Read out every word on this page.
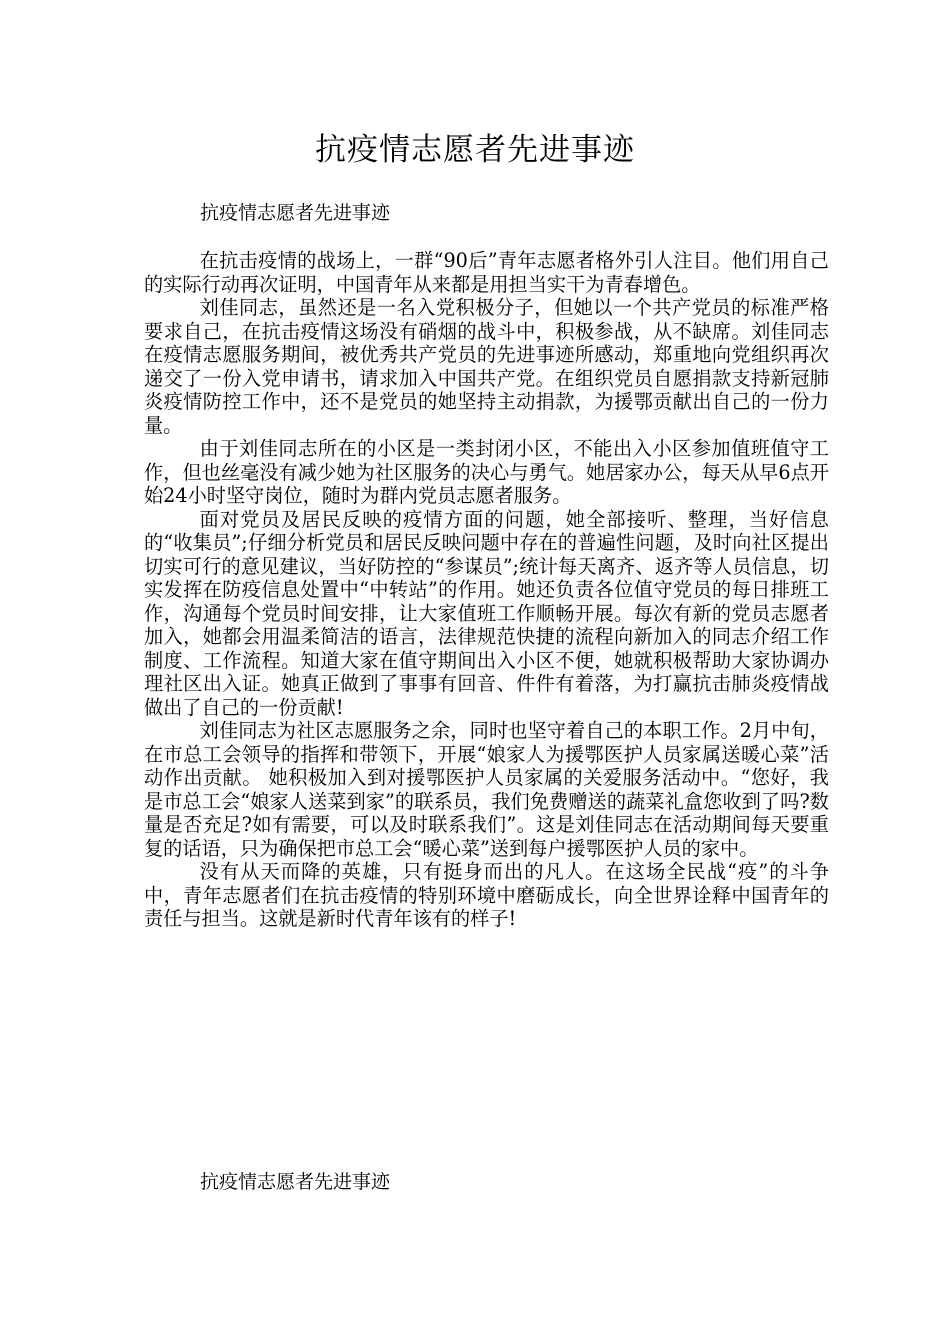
抗疫情志愿者先进事迹

抗疫情志愿者先进事迹

在抗击疫情的战场上，一群“90后”青年志愿者格外引人注目。他们用自己的实际行动再次证明，中国青年从来都是用担当实干为青春增色。

刘佳同志，虽然还是一名入党积极分子，但她以一个共产党员的标准严格要求自己，在抗击疫情这场没有硝烟的战斗中，积极参战，从不缺席。刘佳同志在疫情志愿服务期间，被优秀共产党员的先进事迹所感动，郑重地向党组织再次递交了一份入党申请书，请求加入中国共产党。在组织党员自愿捐款支持新冠肺炎疫情防控工作中，还不是党员的她坚持主动捐款，为援鄂贡献出自己的一份力量。

由于刘佳同志所在的小区是一类封闭小区，不能出入小区参加值班值守工作，但也丝毫没有减少她为社区服务的决心与勇气。她居家办公，每天从早6点开始24小时坚守岗位，随时为群内党员志愿者服务。

面对党员及居民反映的疫情方面的问题，她全部接听、整理，当好信息的“收集员”;仔细分析党员和居民反映问题中存在的普遍性问题，及时向社区提出切实可行的意见建议，当好防控的“参谋员”;统计每天离齐、返齐等人员信息，切实发挥在防疫信息处置中“中转站”的作用。她还负责各位值守党员的每日排班工作，沟通每个党员时间安排，让大家值班工作顺畅开展。每次有新的党员志愿者加入，她都会用温柔简洁的语言，法律规范快捷的流程向新加入的同志介绍工作制度、工作流程。知道大家在值守期间出入小区不便，她就积极帮助大家协调办理社区出入证。她真正做到了事事有回音、件件有着落，为打赢抗击肺炎疫情战做出了自己的一份贡献!

刘佳同志为社区志愿服务之余，同时也坚守着自己的本职工作。2月中旬，在市总工会领导的指挥和带领下，开展“娘家人为援鄂医护人员家属送暖心菜”活动作出贡献。 她积极加入到对援鄂医护人员家属的关爱服务活动中。“您好，我是市总工会“娘家人送菜到家”的联系员，我们免费赠送的蔬菜礼盒您收到了吗?数量是否充足?如有需要，可以及时联系我们”。这是刘佳同志在活动期间每天要重复的话语，只为确保把市总工会“暖心菜”送到每户援鄂医护人员的家中。

没有从天而降的英雄，只有挺身而出的凡人。在这场全民战“疫”的斗争中，青年志愿者们在抗击疫情的特别环境中磨砺成长，向全世界诠释中国青年的责任与担当。这就是新时代青年该有的样子!

抗疫情志愿者先进事迹
